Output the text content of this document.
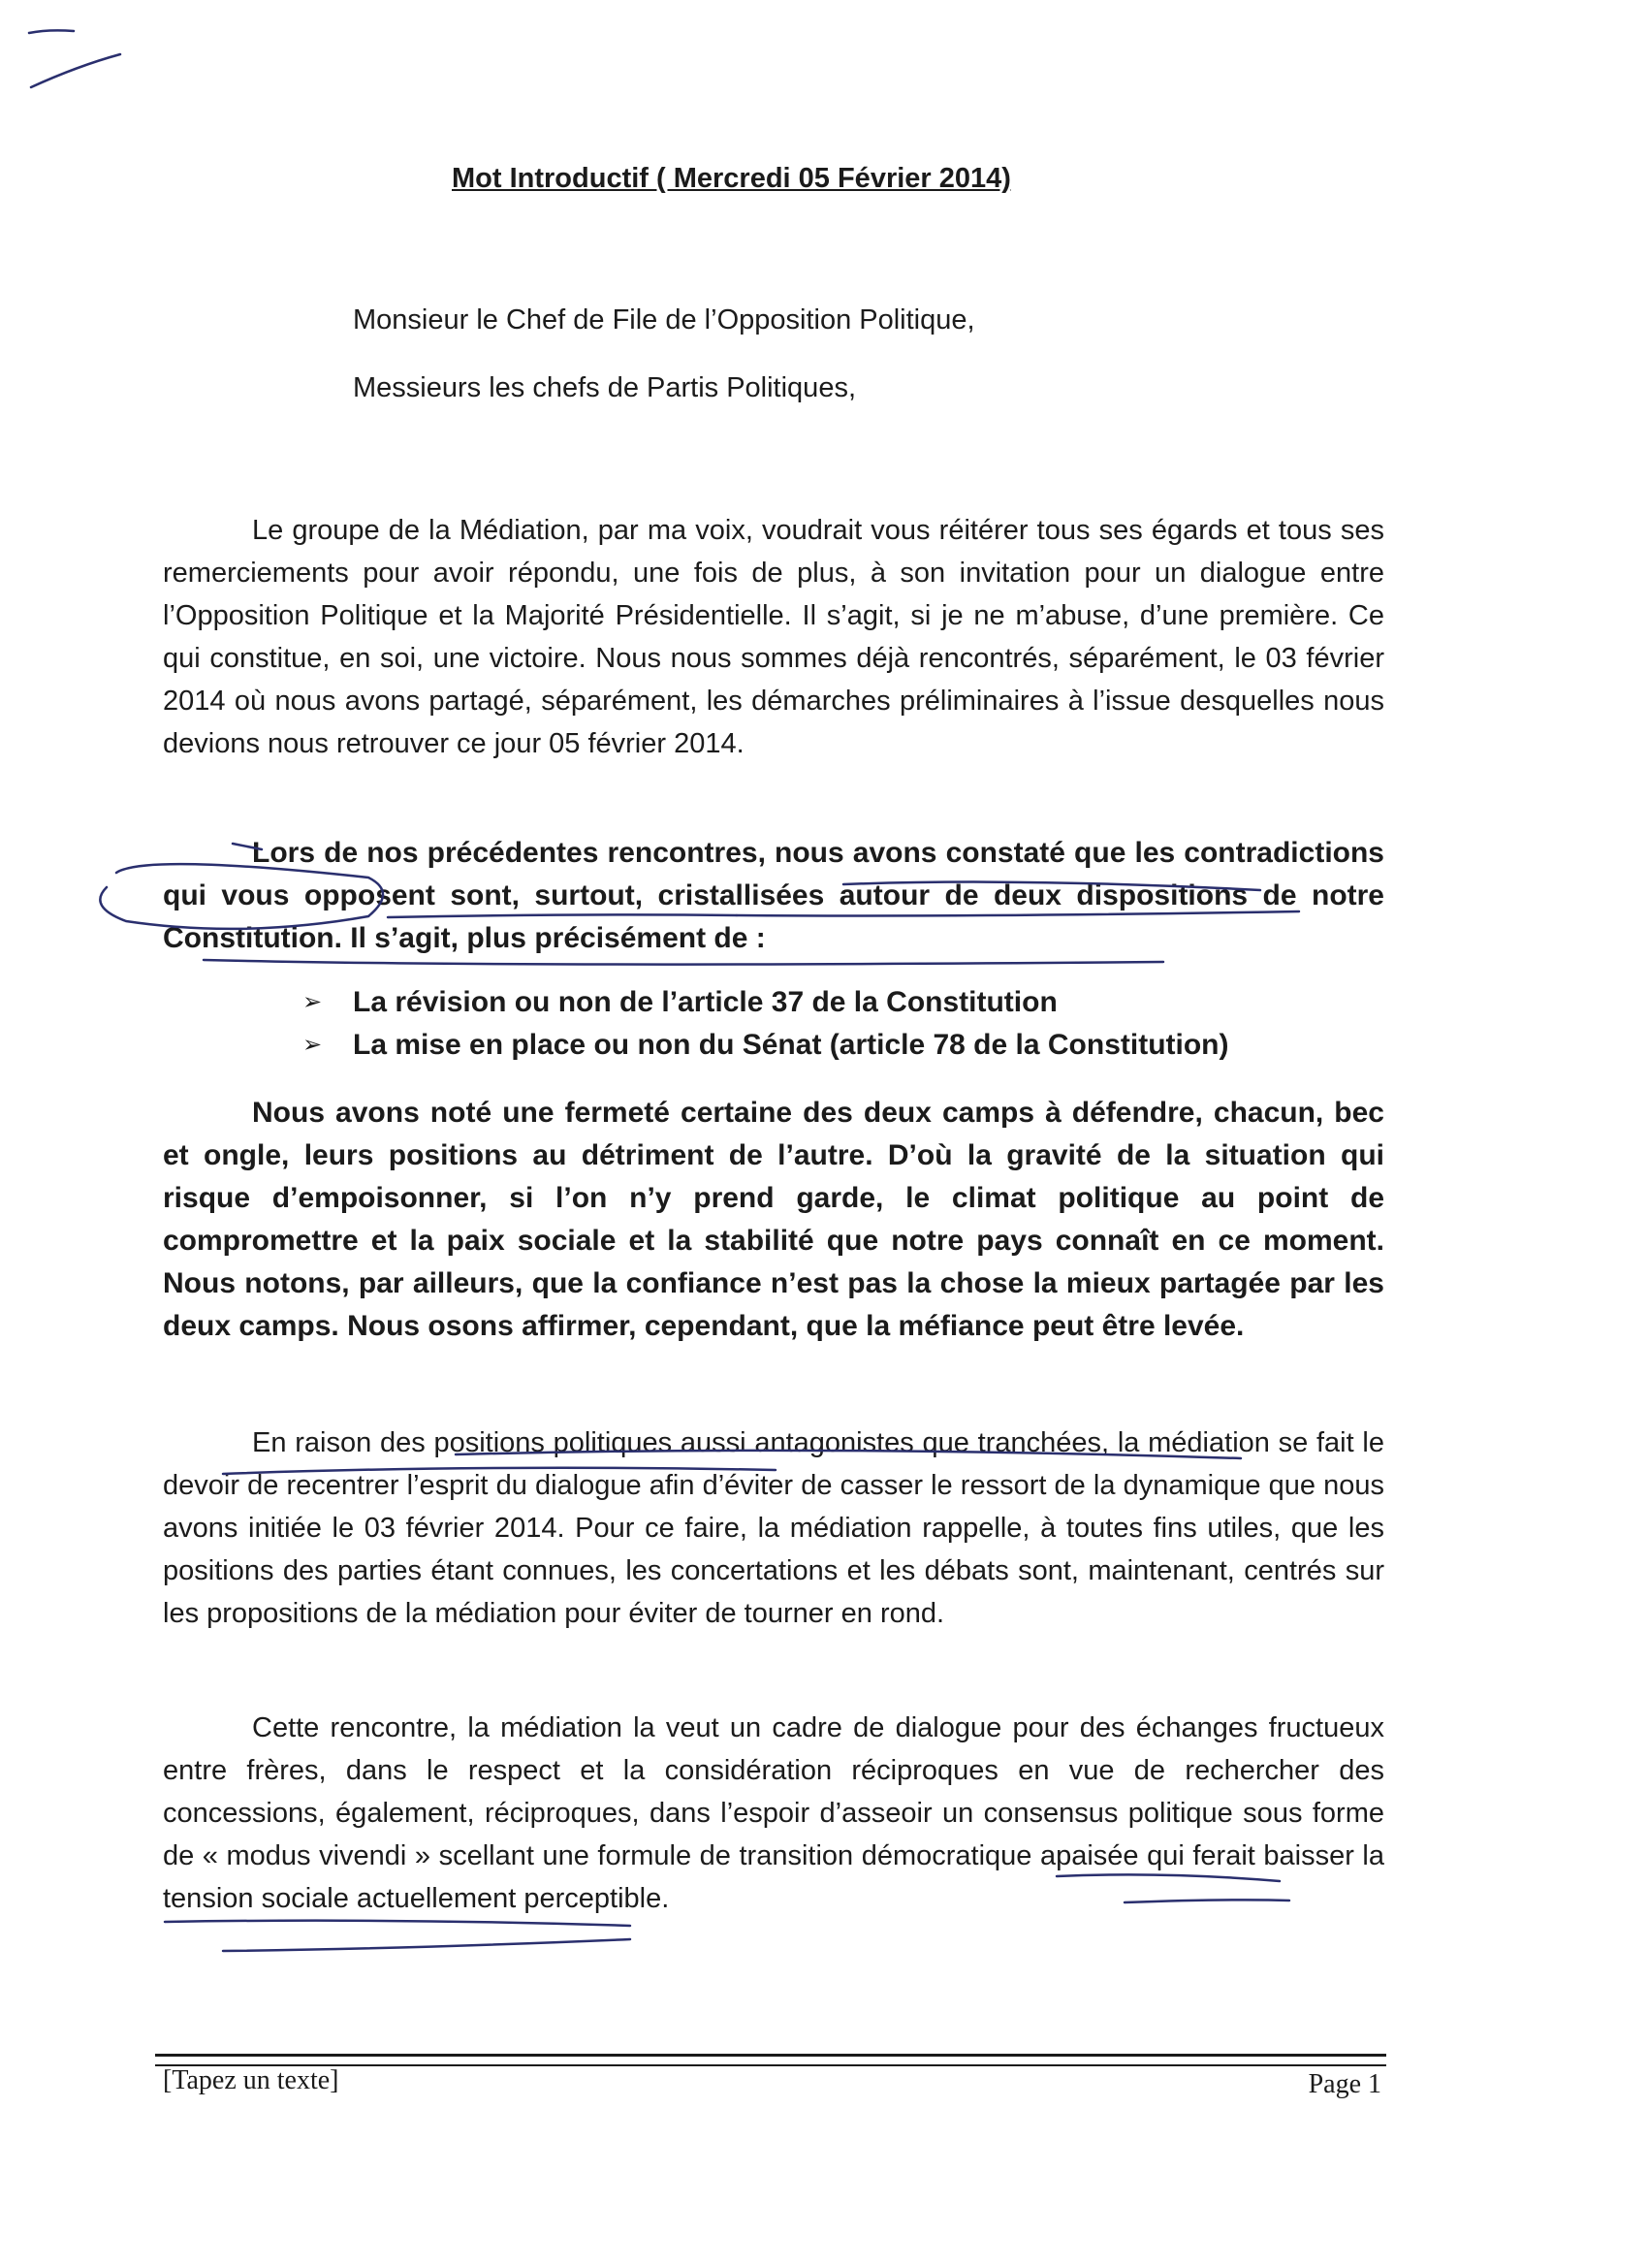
Mot Introductif ( Mercredi 05 Février 2014)
Monsieur le Chef de File de l’Opposition Politique,
Messieurs les chefs de Partis Politiques,

Le groupe de la Médiation, par ma voix, voudrait vous réitérer tous ses égards et tous ses remerciements pour avoir répondu, une fois de plus, à son invitation pour un dialogue entre l’Opposition Politique et la Majorité Présidentielle. Il s’agit, si je ne m’abuse, d’une première. Ce qui constitue, en soi, une victoire. Nous nous sommes déjà rencontrés, séparément, le 03 février 2014 où nous avons partagé, séparément, les démarches préliminaires à l’issue desquelles nous devions nous retrouver ce jour 05 février 2014.

Lors de nos précédentes rencontres, nous avons constaté que les contradictions qui vous opposent sont, surtout, cristallisées autour de deux dispositions de notre Constitution. Il s’agit, plus précisément de :

➢ La révision ou non de l’article 37 de la Constitution
➢ La mise en place ou non du Sénat (article 78 de la Constitution)

Nous avons noté une fermeté certaine des deux camps à défendre, chacun, bec et ongle, leurs positions au détriment de l’autre. D’où la gravité de la situation qui risque d’empoisonner, si l’on n’y prend garde, le climat politique au point de compromettre et la paix sociale et la stabilité que notre pays connaît en ce moment. Nous notons, par ailleurs, que la confiance n’est pas la chose la mieux partagée par les deux camps. Nous osons affirmer, cependant, que la méfiance peut être levée.

En raison des positions politiques aussi antagonistes que tranchées, la médiation se fait le devoir de recentrer l’esprit du dialogue afin d’éviter de casser le ressort de la dynamique que nous avons initiée le 03 février 2014. Pour ce faire, la médiation rappelle, à toutes fins utiles, que les positions des parties étant connues, les concertations et les débats sont, maintenant, centrés sur les propositions de la médiation pour éviter de tourner en rond.

Cette rencontre, la médiation la veut un cadre de dialogue pour des échanges fructueux entre frères, dans le respect et la considération réciproques en vue de rechercher des concessions, également, réciproques, dans l’espoir d’asseoir un consensus politique sous forme de « modus vivendi » scellant une formule de transition démocratique apaisée qui ferait baisser la tension sociale actuellement perceptible.

[Tapez un texte]	Page 1
